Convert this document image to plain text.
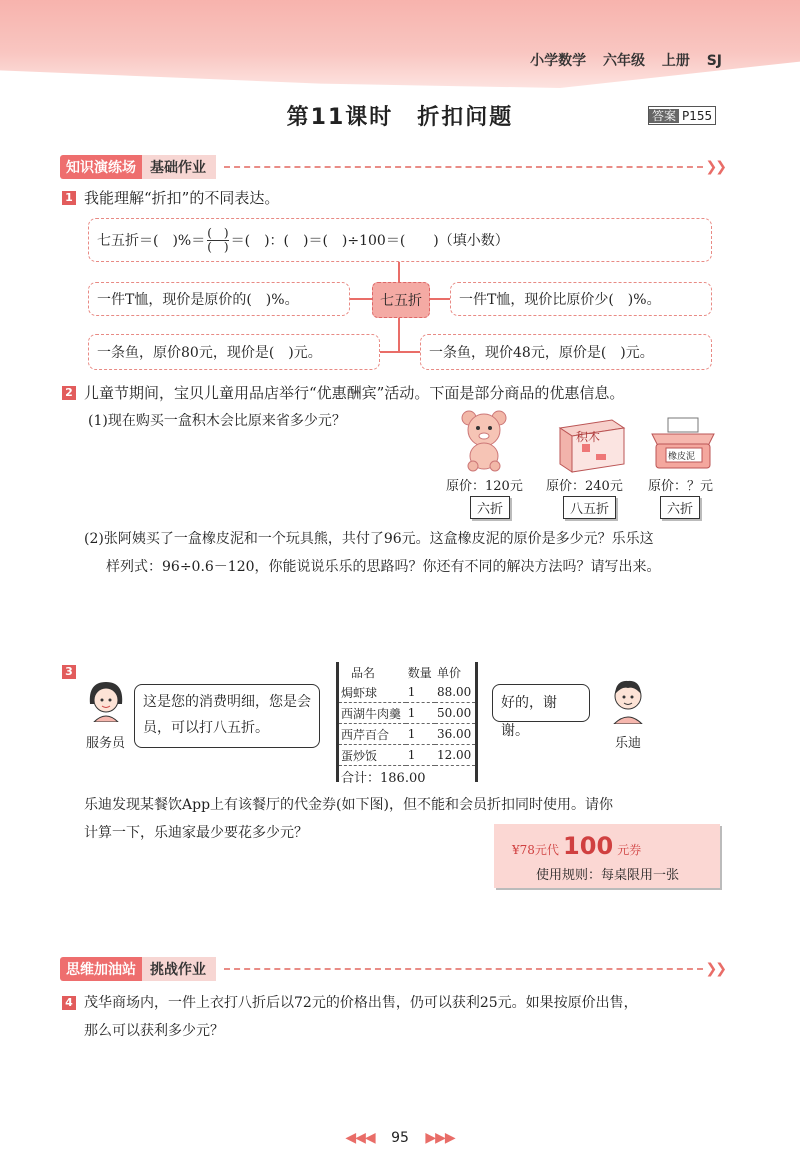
小学数学 六年级 上册 SJ
第11课时 折扣问题	答案 P155
知识演练场	基础作业	❯❯
1 我能理解“折扣”的不同表达。
七五折＝(　)%＝ $\frac{( )}{( )}$ ＝(　)：(　)＝(　)÷100＝(　　)（填小数）
七五折
一件T恤，现价是原价的(　)%。	一件T恤，现价比原价少(　)%。
一条鱼，原价80元，现价是(　)元。	一条鱼，现价48元，原价是(　)元。
2 儿童节期间，宝贝儿童用品店举行“优惠酬宾”活动。下面是部分商品的优惠信息。
(1)现在购买一盒积木会比原来省多少元？
积木
橡皮泥
原价：120元 原价：240元 原价：？元
六折	八五折	六折
(2)张阿姨买了一盒橡皮泥和一个玩具熊，共付了96元。这盒橡皮泥的原价是多少元？乐乐这
样列式：96÷0.6－120，你能说说乐乐的思路吗？你还有不同的解决方法吗？请写出来。
3
服务员
这是您的消费明细，您是会员，可以打八五折。
品名	数量	单价
焗虾球	1	88.00
西湖牛肉羹	1	50.00
西芹百合	1	36.00
蛋炒饭	1	12.00
合计：186.00		
好的，谢谢。
乐迪
乐迪发现某餐饮App上有该餐厅的代金券(如下图)，但不能和会员折扣同时使用。请你
计算一下，乐迪家最少要花多少元？
¥78元代 100 元券
使用规则：每桌限用一张
思维加油站	挑战作业	❯❯
4 茂华商场内，一件上衣打八折后以72元的价格出售，仍可以获利25元。如果按原价出售，
那么可以获利多少元？
◀◀◀ 95 ▶▶▶
